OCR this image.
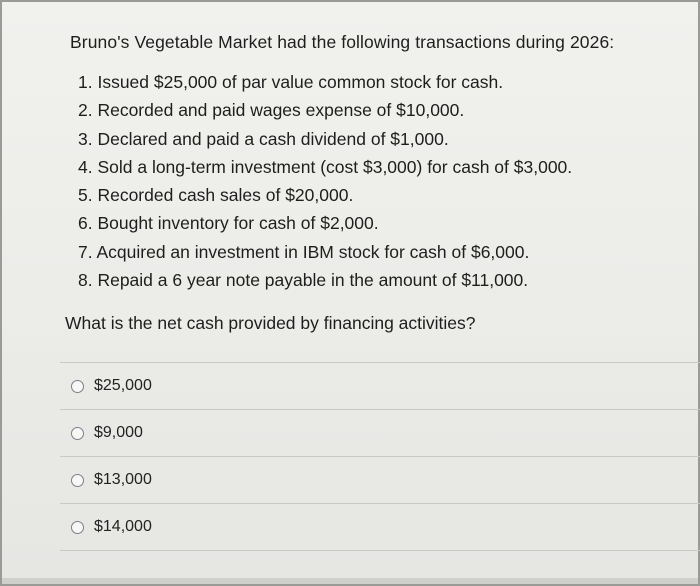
Bruno's Vegetable Market had the following transactions during 2026:
1. Issued $25,000 of par value common stock for cash.
2. Recorded and paid wages expense of $10,000.
3. Declared and paid a cash dividend of $1,000.
4. Sold a long-term investment (cost $3,000) for cash of $3,000.
5. Recorded cash sales of $20,000.
6. Bought inventory for cash of $2,000.
7. Acquired an investment in IBM stock for cash of $6,000.
8. Repaid a 6 year note payable in the amount of $11,000.
What is the net cash provided by financing activities?
$25,000
$9,000
$13,000
$14,000
